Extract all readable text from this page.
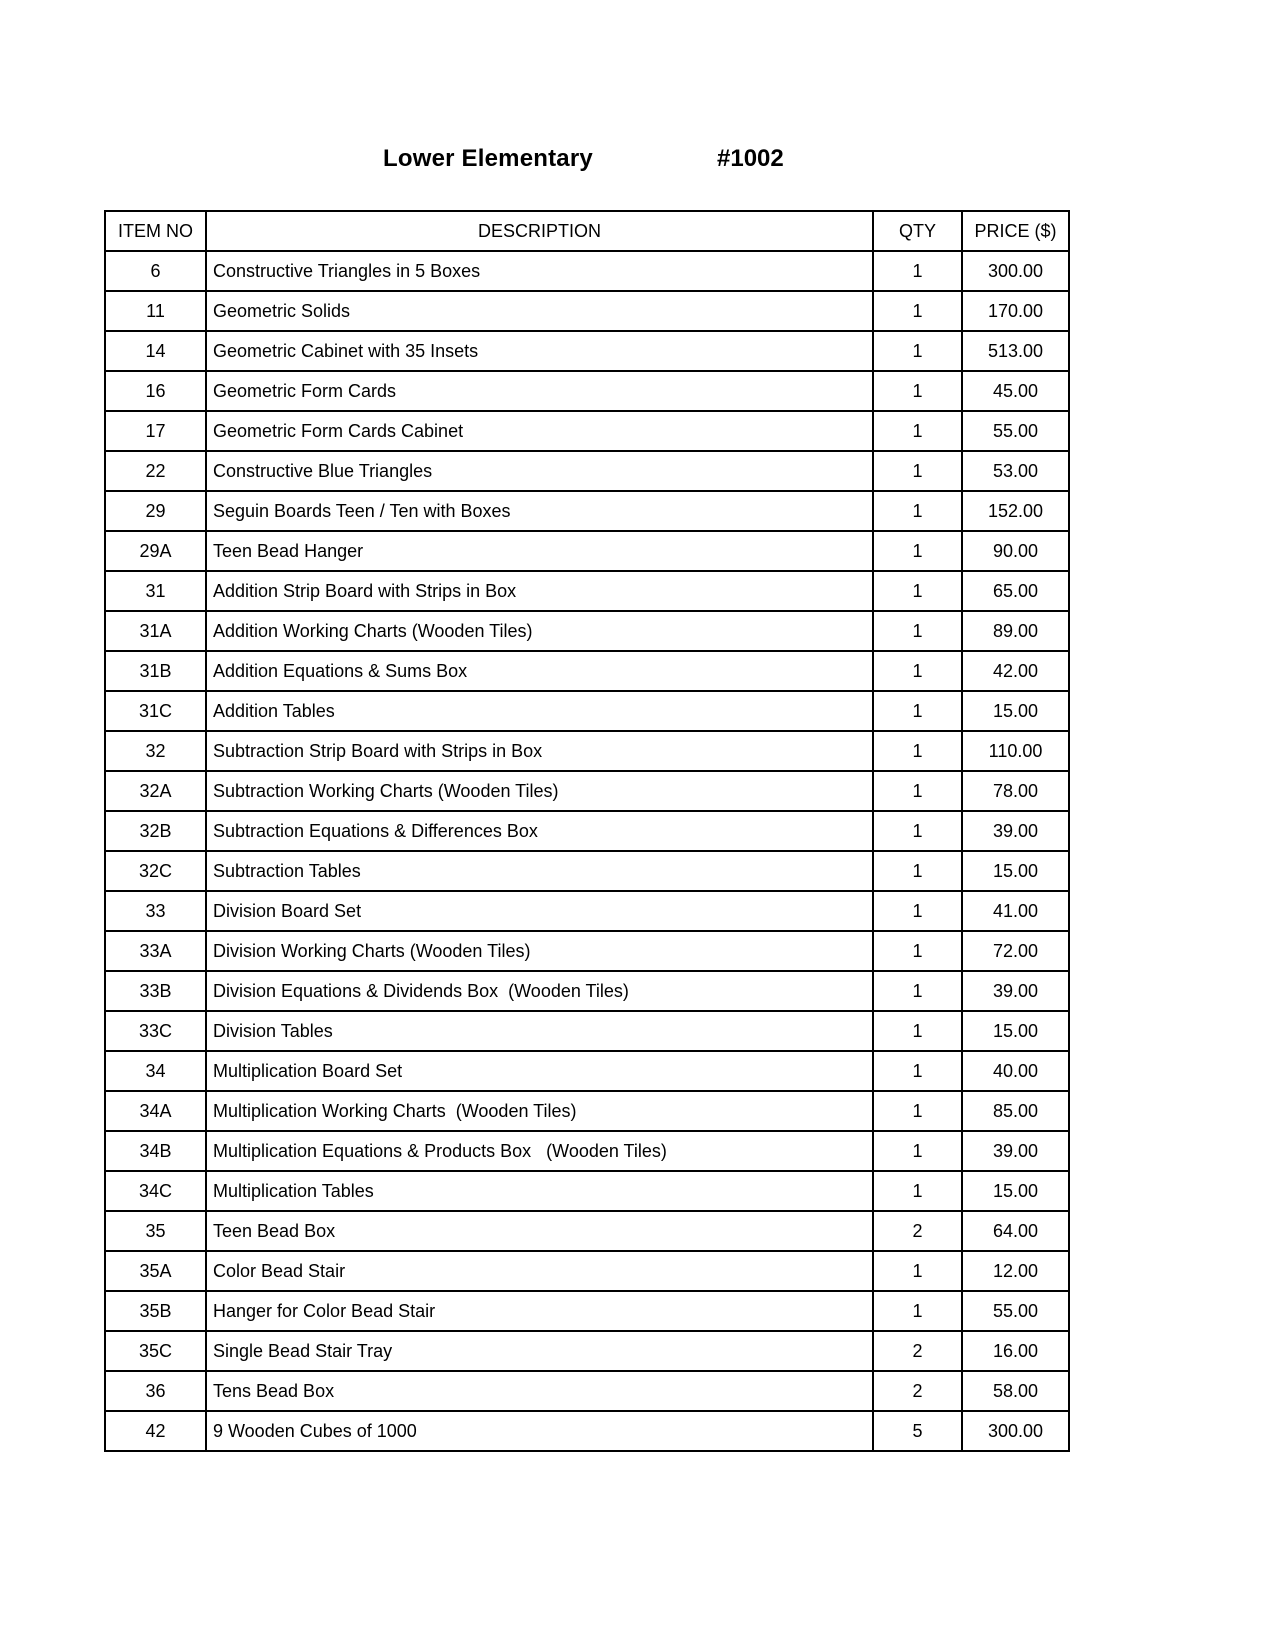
Lower Elementary	#1002
ITEM NO	DESCRIPTION	QTY	PRICE ($)
6	Constructive Triangles in 5 Boxes	1	300.00
11	Geometric Solids	1	170.00
14	Geometric Cabinet with 35 Insets	1	513.00
16	Geometric Form Cards	1	45.00
17	Geometric Form Cards Cabinet	1	55.00
22	Constructive Blue Triangles	1	53.00
29	Seguin Boards Teen / Ten with Boxes	1	152.00
29A	Teen Bead Hanger	1	90.00
31	Addition Strip Board with Strips in Box	1	65.00
31A	Addition Working Charts (Wooden Tiles)	1	89.00
31B	Addition Equations & Sums Box	1	42.00
31C	Addition Tables	1	15.00
32	Subtraction Strip Board with Strips in Box	1	110.00
32A	Subtraction Working Charts (Wooden Tiles)	1	78.00
32B	Subtraction Equations & Differences Box	1	39.00
32C	Subtraction Tables	1	15.00
33	Division Board Set	1	41.00
33A	Division Working Charts (Wooden Tiles)	1	72.00
33B	Division Equations & Dividends Box  (Wooden Tiles)	1	39.00
33C	Division Tables	1	15.00
34	Multiplication Board Set	1	40.00
34A	Multiplication Working Charts  (Wooden Tiles)	1	85.00
34B	Multiplication Equations & Products Box   (Wooden Tiles)	1	39.00
34C	Multiplication Tables	1	15.00
35	Teen Bead Box	2	64.00
35A	Color Bead Stair	1	12.00
35B	Hanger for Color Bead Stair	1	55.00
35C	Single Bead Stair Tray	2	16.00
36	Tens Bead Box	2	58.00
42	9 Wooden Cubes of 1000	5	300.00
